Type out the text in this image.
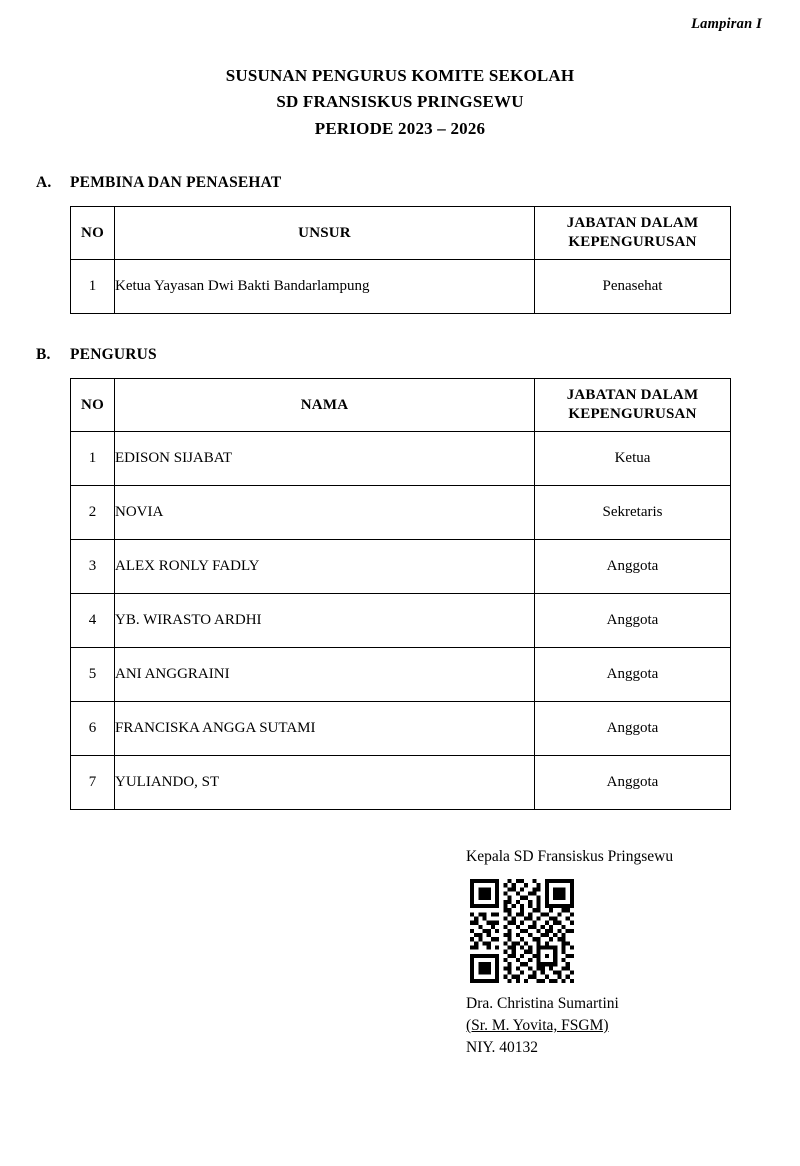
Lampiran I
SUSUNAN PENGURUS KOMITE SEKOLAH
SD FRANSISKUS PRINGSEWU
PERIODE 2023 – 2026
A.	PEMBINA DAN PENASEHAT
NO	UNSUR	JABATAN DALAM
KEPENGURUSAN

1	Ketua Yayasan Dwi Bakti Bandarlampung	Penasehat
B.	PENGURUS
NO	NAMA	JABATAN DALAM
KEPENGURUSAN

1	EDISON SIJABAT	Ketua
2	NOVIA	Sekretaris
3	ALEX RONLY FADLY	Anggota
4	YB. WIRASTO ARDHI	Anggota
5	ANI ANGGRAINI	Anggota
6	FRANCISKA ANGGA SUTAMI	Anggota
7	YULIANDO, ST	Anggota
Kepala SD Fransiskus Pringsewu
Dra. Christina Sumartini
(Sr. M. Yovita, FSGM)
NIY. 40132
